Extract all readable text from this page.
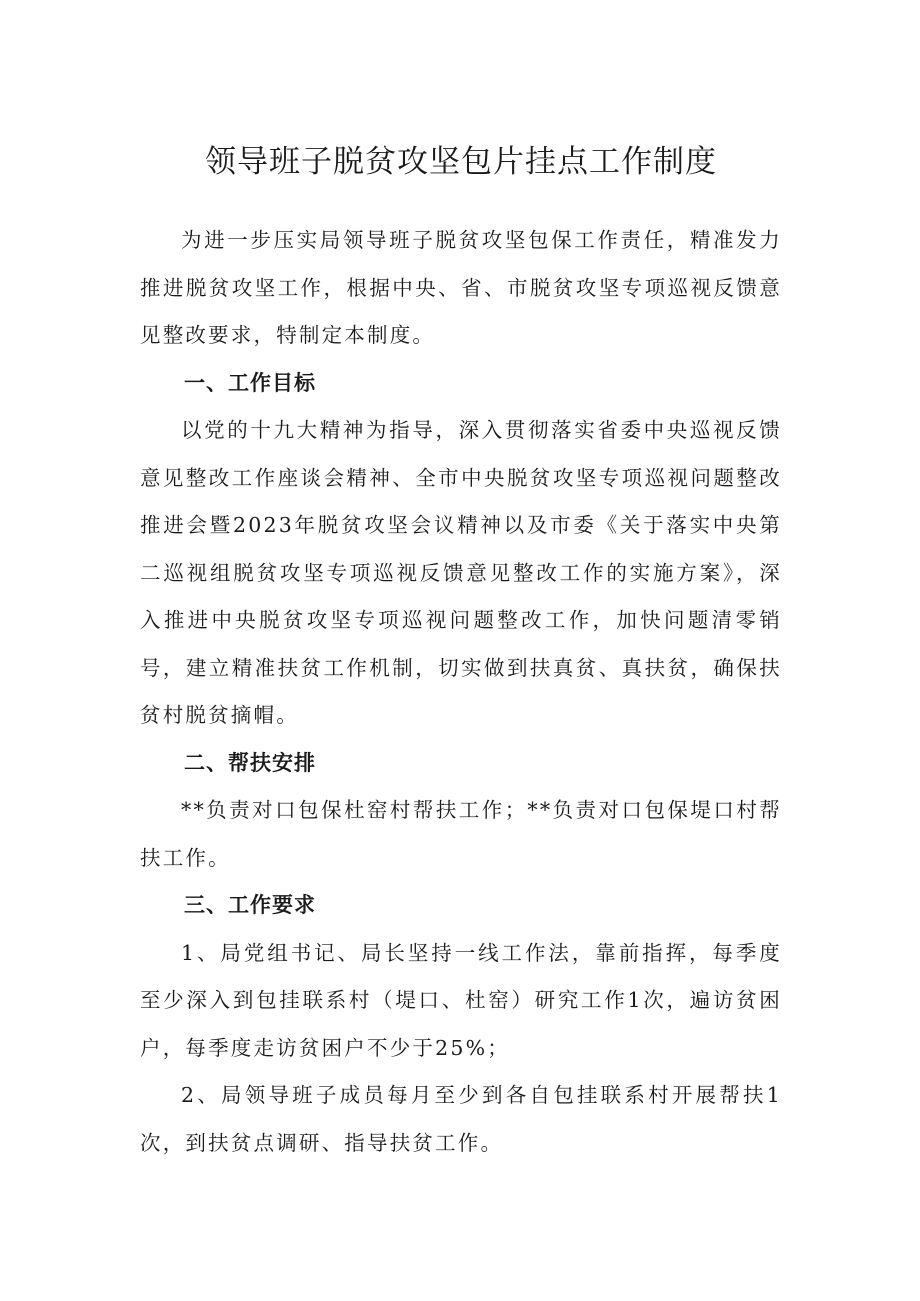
领导班子脱贫攻坚包片挂点工作制度

为进一步压实局领导班子脱贫攻坚包保工作责任，精准发力推进脱贫攻坚工作，根据中央、省、市脱贫攻坚专项巡视反馈意见整改要求，特制定本制度。

一、工作目标

以党的十九大精神为指导，深入贯彻落实省委中央巡视反馈意见整改工作座谈会精神、全市中央脱贫攻坚专项巡视问题整改推进会暨2023年脱贫攻坚会议精神以及市委《关于落实中央第二巡视组脱贫攻坚专项巡视反馈意见整改工作的实施方案》，深入推进中央脱贫攻坚专项巡视问题整改工作，加快问题清零销号，建立精准扶贫工作机制，切实做到扶真贫、真扶贫，确保扶贫村脱贫摘帽。

二、帮扶安排

**负责对口包保杜窑村帮扶工作；**负责对口包保堤口村帮扶工作。

三、工作要求

1、局党组书记、局长坚持一线工作法，靠前指挥，每季度至少深入到包挂联系村（堤口、杜窑）研究工作1次，遍访贫困户，每季度走访贫困户不少于25%；

2、局领导班子成员每月至少到各自包挂联系村开展帮扶1次，到扶贫点调研、指导扶贫工作。
